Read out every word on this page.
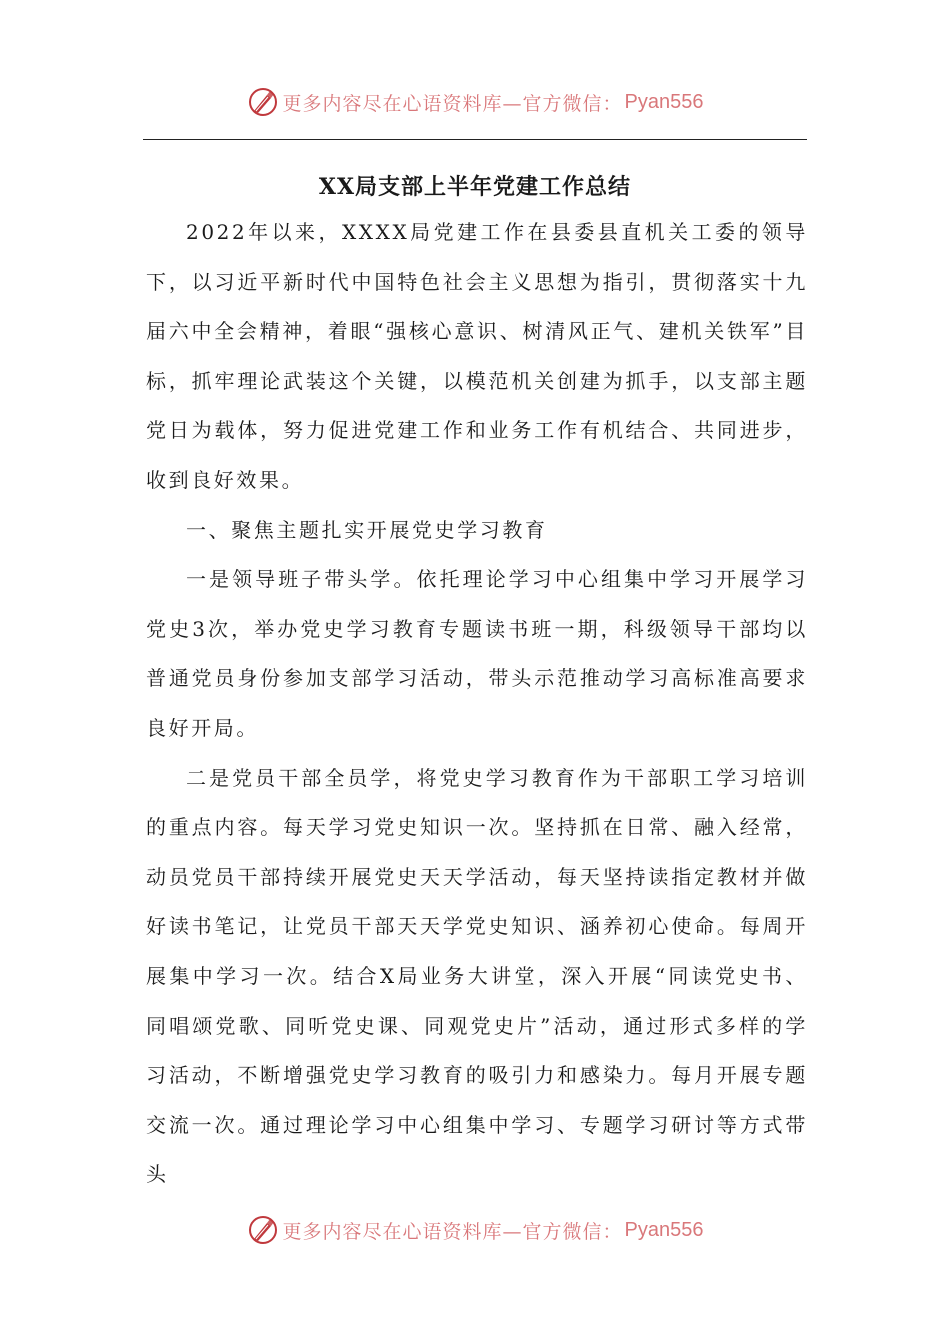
更多内容尽在心语资料库—官方微信： Pyan556
XX局支部上半年党建工作总结

2022年以来，XXXX局党建工作在县委县直机关工委的领导下，以习近平新时代中国特色社会主义思想为指引，贯彻落实十九届六中全会精神，着眼“强核心意识、树清风正气、建机关铁军”目标，抓牢理论武装这个关键，以模范机关创建为抓手，以支部主题党日为载体，努力促进党建工作和业务工作有机结合、共同进步，收到良好效果。

一、聚焦主题扎实开展党史学习教育

一是领导班子带头学。依托理论学习中心组集中学习开展学习党史3次，举办党史学习教育专题读书班一期，科级领导干部均以普通党员身份参加支部学习活动，带头示范推动学习高标准高要求良好开局。

二是党员干部全员学，将党史学习教育作为干部职工学习培训的重点内容。每天学习党史知识一次。坚持抓在日常、融入经常，动员党员干部持续开展党史天天学活动，每天坚持读指定教材并做好读书笔记，让党员干部天天学党史知识、涵养初心使命。每周开展集中学习一次。结合X局业务大讲堂，深入开展“同读党史书、同唱颂党歌、同听党史课、同观党史片”活动，通过形式多样的学习活动，不断增强党史学习教育的吸引力和感染力。每月开展专题交流一次。通过理论学习中心组集中学习、专题学习研讨等方式带头

更多内容尽在心语资料库—官方微信： Pyan556
